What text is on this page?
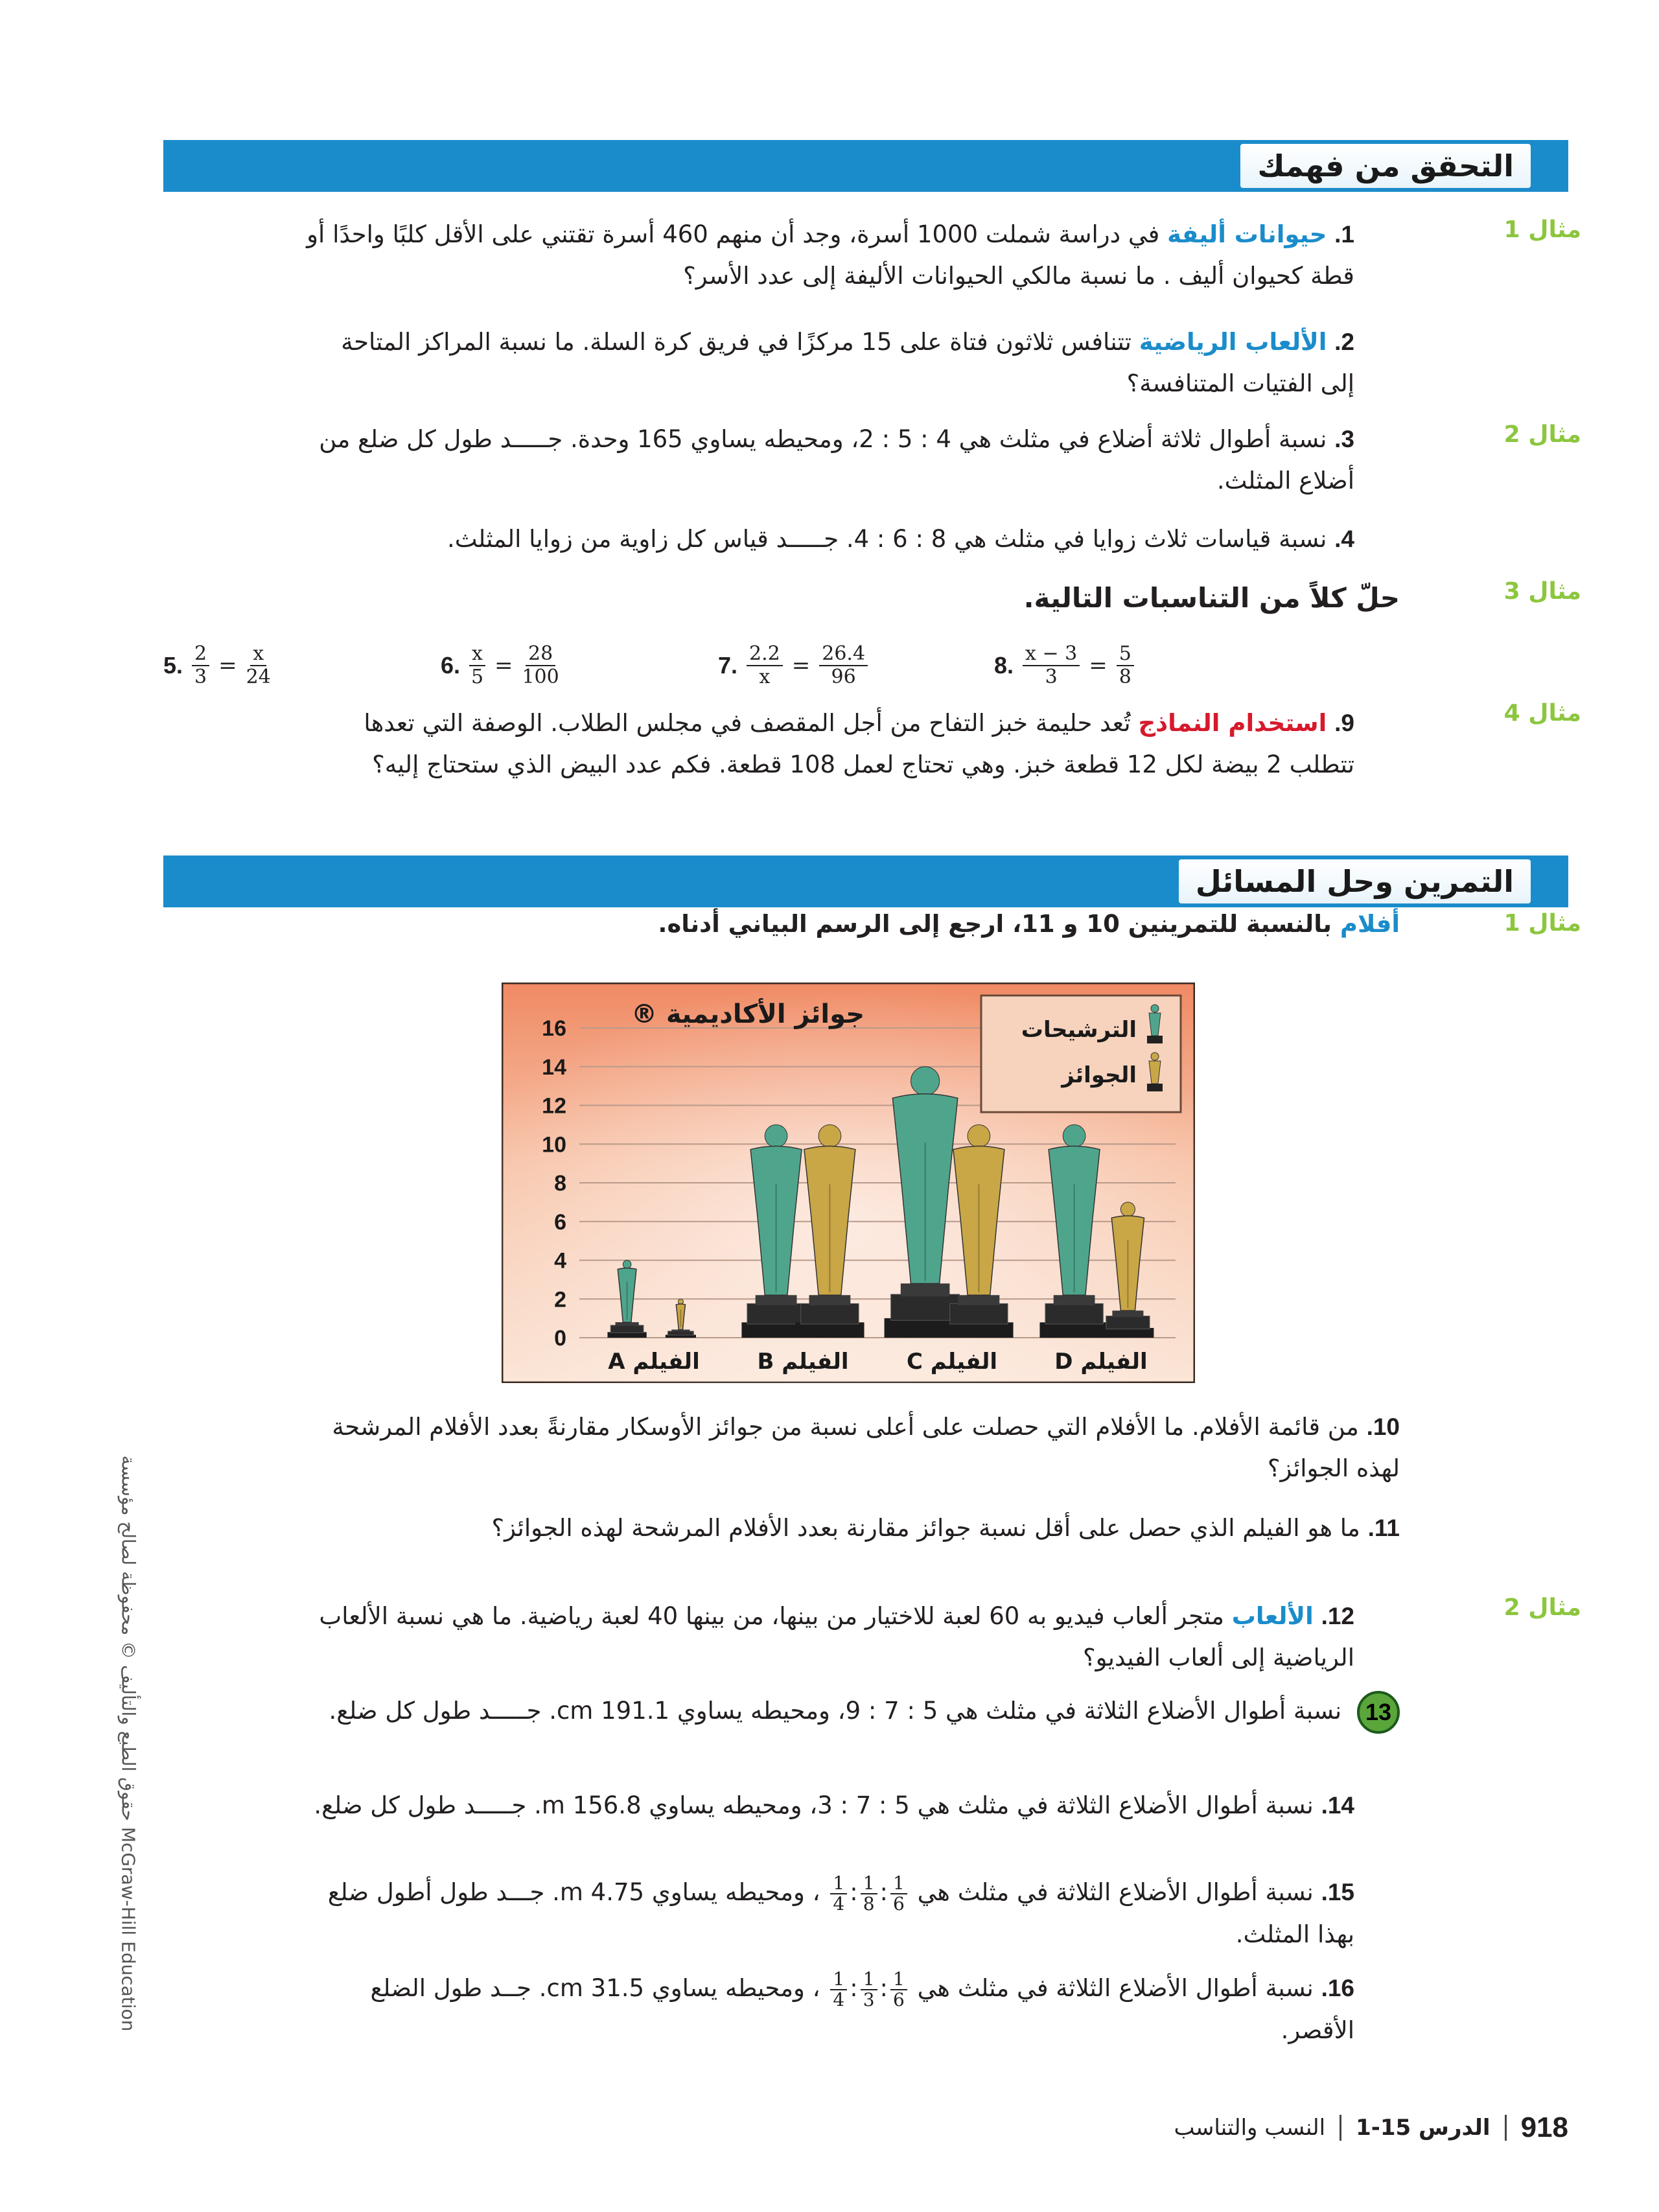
التحقق من فهمك
مثال 1
مثال 2
مثال 3
مثال 4
1. حيوانات أليفة في دراسة شملت 1000 أسرة، وجد أن منهم 460 أسرة تقتني على الأقل كلبًا واحدًا أو قطة كحيوان أليف . ما نسبة مالكي الحيوانات الأليفة إلى عدد الأسر؟
2. الألعاب الرياضية تتنافس ثلاثون فتاة على 15 مركزًا في فريق كرة السلة. ما نسبة المراكز المتاحة إلى الفتيات المتنافسة؟
3. نسبة أطوال ثلاثة أضلاع في مثلث هي 4 : 5 : 2، ومحيطه يساوي 165 وحدة. جـــــد طول كل ضلع من أضلاع المثلث.
4. نسبة قياسات ثلاث زوايا في مثلث هي 8 : 6 : 4. جـــــد قياس كل زاوية من زوايا المثلث.
حلّ كلاً من التناسبات التالية.
5. $\frac{2}{3} = \frac{x}{24}$	6. $\frac{x}{5} = \frac{28}{100}$	7. $\frac{2.2}{x} = \frac{26.4}{96}$	8. $\frac{x - 3}{3} = \frac{5}{8}$
9. استخدام النماذج تُعد حليمة خبز التفاح من أجل المقصف في مجلس الطلاب. الوصفة التي تعدها تتطلب 2 بيضة لكل 12 قطعة خبز. وهي تحتاج لعمل 108 قطعة. فكم عدد البيض الذي ستحتاج إليه؟
التمرين وحل المسائل
مثال 1
أفلام بالنسبة للتمرينين 10 و 11، ارجع إلى الرسم البياني أدناه.
16
14
12
10
8
6
4
2
0
الفيلم A	الفيلم B	الفيلم C	الفيلم D
جوائز الأكاديمية ®
الترشيحات
الجوائز
10. من قائمة الأفلام. ما الأفلام التي حصلت على أعلى نسبة من جوائز الأوسكار مقارنةً بعدد الأفلام المرشحة لهذه الجوائز؟
11. ما هو الفيلم الذي حصل على أقل نسبة جوائز مقارنة بعدد الأفلام المرشحة لهذه الجوائز؟
مثال 2
12. الألعاب متجر ألعاب فيديو به 60 لعبة للاختيار من بينها، من بينها 40 لعبة رياضية. ما هي نسبة الألعاب الرياضية إلى ألعاب الفيديو؟
13 نسبة أطوال الأضلاع الثلاثة في مثلث هي 5 : 7 : 9، ومحيطه يساوي 191.1 cm. جـــــد طول كل ضلع.
14. نسبة أطوال الأضلاع الثلاثة في مثلث هي 5 : 7 : 3، ومحيطه يساوي 156.8 m. جـــــد طول كل ضلع.
15. نسبة أطوال الأضلاع الثلاثة في مثلث هي
$\frac{1}{6}$
:
$\frac{1}{8}$
:
$\frac{1}{4}$
، ومحيطه يساوي 4.75 m. جـــد طول أطول ضلع بهذا المثلث.
16. نسبة أطوال الأضلاع الثلاثة في مثلث هي
$\frac{1}{6}$
:
$\frac{1}{3}$
:
$\frac{1}{4}$
، ومحيطه يساوي 31.5 cm. جــد طول الضلع الأقصر.
حقوق الطبع والتأليف © محفوظة لصالح مؤسسة McGraw-Hill Education
918
الدرس 15-1
النسب والتناسب
